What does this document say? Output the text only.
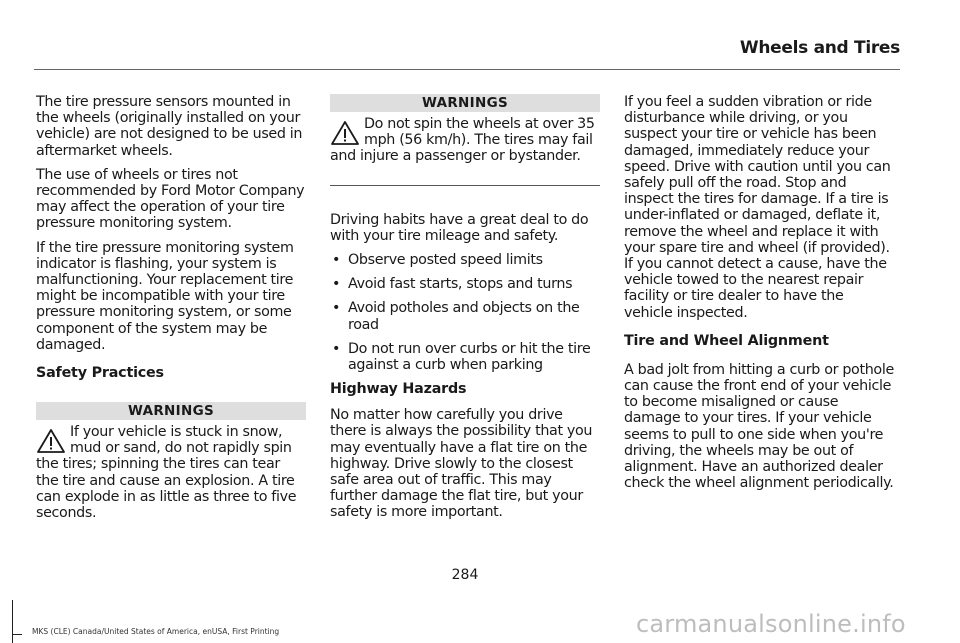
Wheels and Tires

The tire pressure sensors mounted in the wheels (originally installed on your vehicle) are not designed to be used in aftermarket wheels.

The use of wheels or tires not recommended by Ford Motor Company may affect the operation of your tire pressure monitoring system.

If the tire pressure monitoring system indicator is flashing, your system is malfunctioning. Your replacement tire might be incompatible with your tire pressure monitoring system, or some component of the system may be damaged.

Safety Practices
WARNINGS
If your vehicle is stuck in snow, mud or sand, do not rapidly spin the tires; spinning the tires can tear the tire and cause an explosion. A tire can explode in as little as three to five seconds.
WARNINGS
Do not spin the wheels at over 35 mph (56 km/h). The tires may fail and injure a passenger or bystander.

Driving habits have a great deal to do with your tire mileage and safety.

• Observe posted speed limits
• Avoid fast starts, stops and turns
• Avoid potholes and objects on the road
• Do not run over curbs or hit the tire against a curb when parking
Highway Hazards

No matter how carefully you drive there is always the possibility that you may eventually have a flat tire on the highway. Drive slowly to the closest safe area out of traffic. This may further damage the flat tire, but your safety is more important.

If you feel a sudden vibration or ride disturbance while driving, or you suspect your tire or vehicle has been damaged, immediately reduce your speed. Drive with caution until you can safely pull off the road. Stop and inspect the tires for damage. If a tire is under-inflated or damaged, deflate it, remove the wheel and replace it with your spare tire and wheel (if provided). If you cannot detect a cause, have the vehicle towed to the nearest repair facility or tire dealer to have the vehicle inspected.

Tire and Wheel Alignment

A bad jolt from hitting a curb or pothole can cause the front end of your vehicle to become misaligned or cause damage to your tires. If your vehicle seems to pull to one side when you're driving, the wheels may be out of alignment. Have an authorized dealer check the wheel alignment periodically.

284
MKS (CLE) Canada/United States of America, enUSA, First Printing	carmanualsonline.info
